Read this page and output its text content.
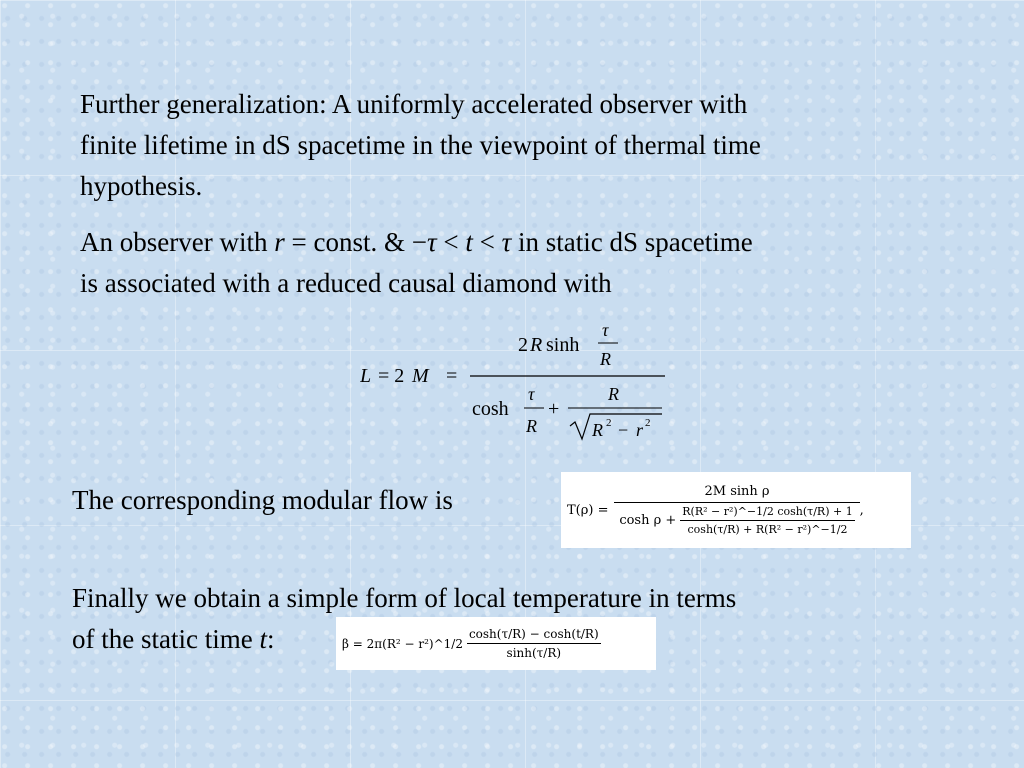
Further generalization: A uniformly accelerated observer with
finite lifetime in dS spacetime in the viewpoint of thermal time
hypothesis.
An observer with r = const. & −τ < t < τ in static dS spacetime
is associated with a reduced causal diamond with
L = 2 M =
2 R sinh
τ
R
cosh
τ
R
+
R
R 2 − r 2
The corresponding modular flow is	T(ρ) =
2M sinh ρ
$\cosh \rho + \frac{\text{R(R² − r²)\textasciicircum{}−1/2 cosh(τ/R) + 1}}{\text{cosh(τ/R) + R(R² − r²)\textasciicircum{}−1/2}}$ ,
Finally we obtain a simple form of local temperature in terms
of the static time t:	β = 2π(R² − r²)^1/2 $\frac{\cosh(\tau/R) - \cosh(t/R)}{\sinh(\tau/R)}$
